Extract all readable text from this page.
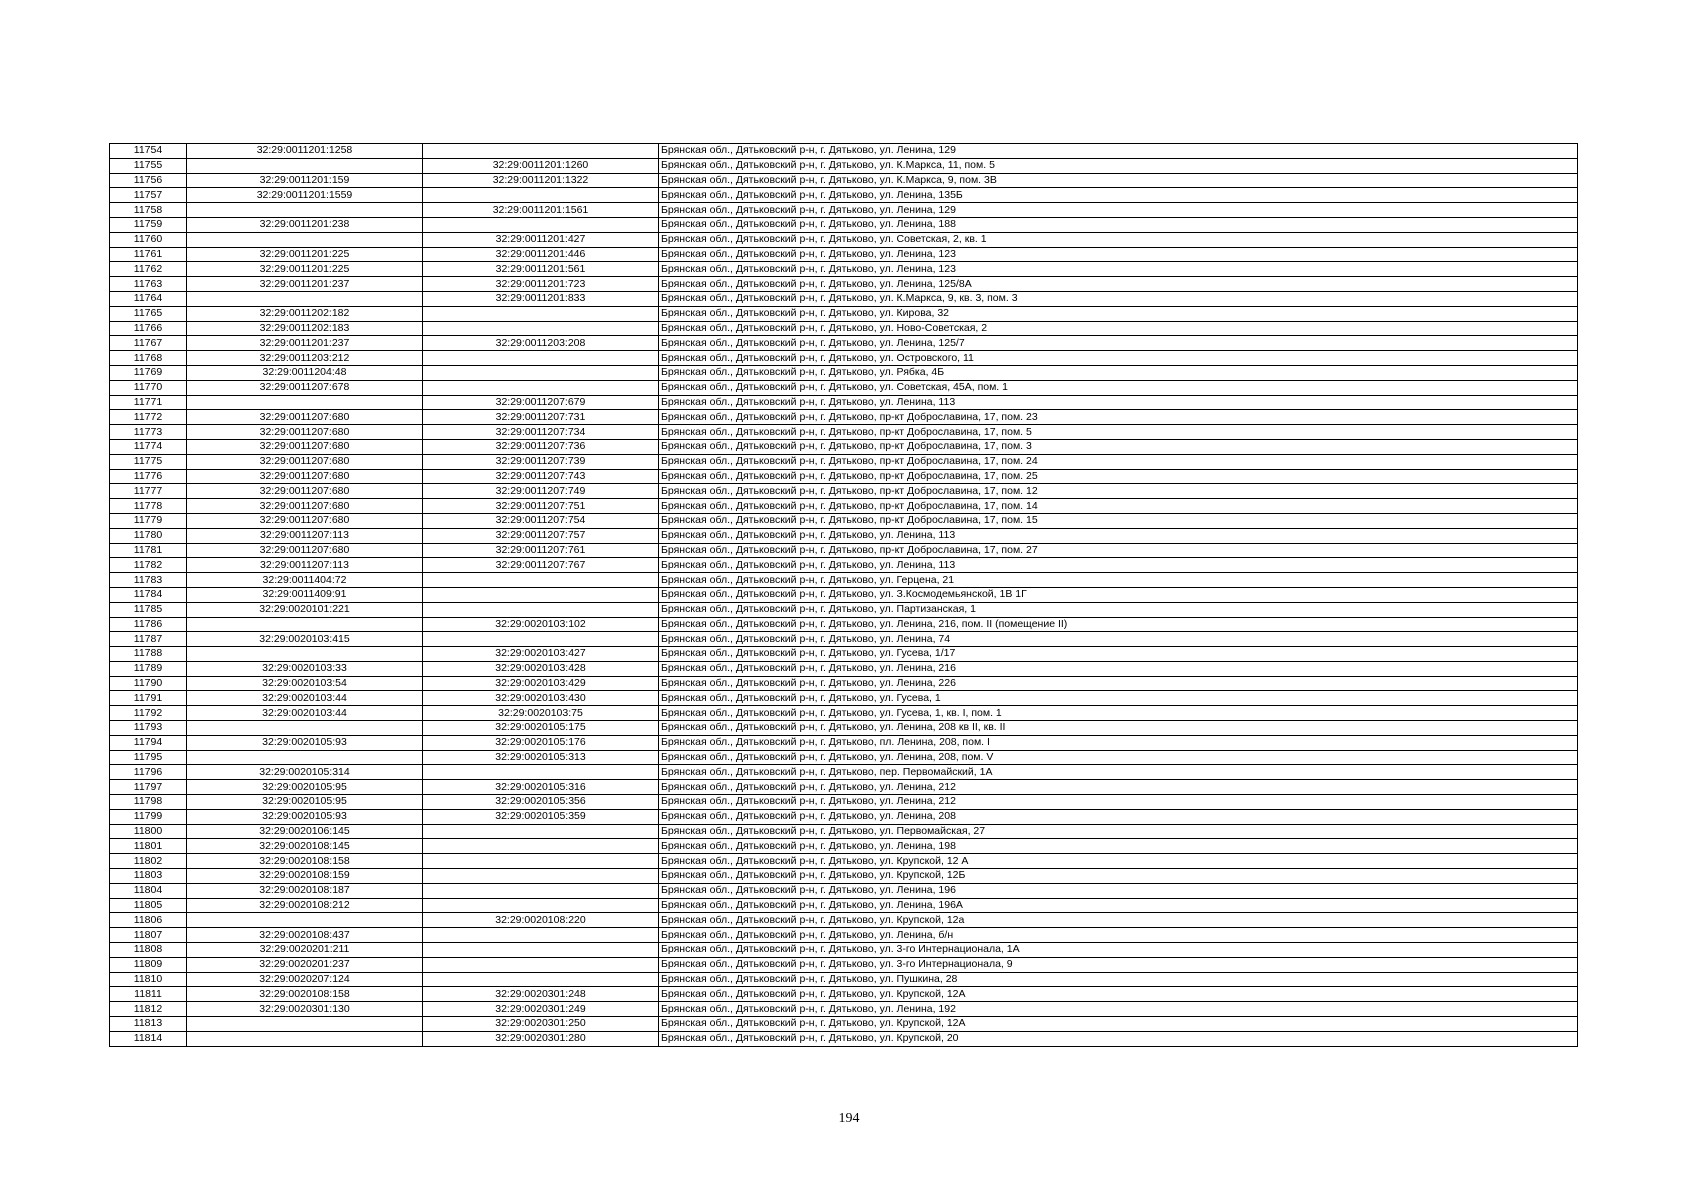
11754	32:29:0011201:1258		Брянская обл., Дятьковский р-н, г. Дятьково, ул. Ленина, 129
11755		32:29:0011201:1260	Брянская обл., Дятьковский р-н, г. Дятьково, ул. К.Маркса, 11, пом. 5
11756	32:29:0011201:159	32:29:0011201:1322	Брянская обл., Дятьковский р-н, г. Дятьково, ул. К.Маркса, 9, пом. 3В
11757	32:29:0011201:1559		Брянская обл., Дятьковский р-н, г. Дятьково, ул. Ленина, 135Б
11758		32:29:0011201:1561	Брянская обл., Дятьковский р-н, г. Дятьково, ул. Ленина, 129
11759	32:29:0011201:238		Брянская обл., Дятьковский р-н, г. Дятьково, ул. Ленина, 188
11760		32:29:0011201:427	Брянская обл., Дятьковский р-н, г. Дятьково, ул. Советская, 2, кв. 1
11761	32:29:0011201:225	32:29:0011201:446	Брянская обл., Дятьковский р-н, г. Дятьково, ул. Ленина, 123
11762	32:29:0011201:225	32:29:0011201:561	Брянская обл., Дятьковский р-н, г. Дятьково, ул. Ленина, 123
11763	32:29:0011201:237	32:29:0011201:723	Брянская обл., Дятьковский р-н, г. Дятьково, ул. Ленина, 125/8А
11764		32:29:0011201:833	Брянская обл., Дятьковский р-н, г. Дятьково, ул. К.Маркса, 9, кв. 3, пом. 3
11765	32:29:0011202:182		Брянская обл., Дятьковский р-н, г. Дятьково, ул. Кирова, 32
11766	32:29:0011202:183		Брянская обл., Дятьковский р-н, г. Дятьково, ул. Ново-Советская, 2
11767	32:29:0011201:237	32:29:0011203:208	Брянская обл., Дятьковский р-н, г. Дятьково, ул. Ленина, 125/7
11768	32:29:0011203:212		Брянская обл., Дятьковский р-н, г. Дятьково, ул. Островского, 11
11769	32:29:0011204:48		Брянская обл., Дятьковский р-н, г. Дятьково, ул. Рябка, 4Б
11770	32:29:0011207:678		Брянская обл., Дятьковский р-н, г. Дятьково, ул. Советская, 45А, пом. 1
11771		32:29:0011207:679	Брянская обл., Дятьковский р-н, г. Дятьково, ул. Ленина, 113
11772	32:29:0011207:680	32:29:0011207:731	Брянская обл., Дятьковский р-н, г. Дятьково, пр-кт Доброславина, 17, пом. 23
11773	32:29:0011207:680	32:29:0011207:734	Брянская обл., Дятьковский р-н, г. Дятьково, пр-кт Доброславина, 17, пом. 5
11774	32:29:0011207:680	32:29:0011207:736	Брянская обл., Дятьковский р-н, г. Дятьково, пр-кт Доброславина, 17, пом. 3
11775	32:29:0011207:680	32:29:0011207:739	Брянская обл., Дятьковский р-н, г. Дятьково, пр-кт Доброславина, 17, пом. 24
11776	32:29:0011207:680	32:29:0011207:743	Брянская обл., Дятьковский р-н, г. Дятьково, пр-кт Доброславина, 17, пом. 25
11777	32:29:0011207:680	32:29:0011207:749	Брянская обл., Дятьковский р-н, г. Дятьково, пр-кт Доброславина, 17, пом. 12
11778	32:29:0011207:680	32:29:0011207:751	Брянская обл., Дятьковский р-н, г. Дятьково, пр-кт Доброславина, 17, пом. 14
11779	32:29:0011207:680	32:29:0011207:754	Брянская обл., Дятьковский р-н, г. Дятьково, пр-кт Доброславина, 17, пом. 15
11780	32:29:0011207:113	32:29:0011207:757	Брянская обл., Дятьковский р-н, г. Дятьково, ул. Ленина, 113
11781	32:29:0011207:680	32:29:0011207:761	Брянская обл., Дятьковский р-н, г. Дятьково, пр-кт Доброславина, 17, пом. 27
11782	32:29:0011207:113	32:29:0011207:767	Брянская обл., Дятьковский р-н, г. Дятьково, ул. Ленина, 113
11783	32:29:0011404:72		Брянская обл., Дятьковский р-н, г. Дятьково, ул. Герцена, 21
11784	32:29:0011409:91		Брянская обл., Дятьковский р-н, г. Дятьково, ул. З.Космодемьянской, 1В 1Г
11785	32:29:0020101:221		Брянская обл., Дятьковский р-н, г. Дятьково, ул. Партизанская, 1
11786		32:29:0020103:102	Брянская обл., Дятьковский р-н, г. Дятьково, ул. Ленина, 216, пом. II (помещение II)
11787	32:29:0020103:415		Брянская обл., Дятьковский р-н, г. Дятьково, ул. Ленина, 74
11788		32:29:0020103:427	Брянская обл., Дятьковский р-н, г. Дятьково, ул. Гусева, 1/17
11789	32:29:0020103:33	32:29:0020103:428	Брянская обл., Дятьковский р-н, г. Дятьково, ул. Ленина, 216
11790	32:29:0020103:54	32:29:0020103:429	Брянская обл., Дятьковский р-н, г. Дятьково, ул. Ленина, 226
11791	32:29:0020103:44	32:29:0020103:430	Брянская обл., Дятьковский р-н, г. Дятьково, ул. Гусева, 1
11792	32:29:0020103:44	32:29:0020103:75	Брянская обл., Дятьковский р-н, г. Дятьково, ул. Гусева, 1, кв. I, пом. 1
11793		32:29:0020105:175	Брянская обл., Дятьковский р-н, г. Дятьково, ул. Ленина, 208 кв II, кв. II
11794	32:29:0020105:93	32:29:0020105:176	Брянская обл., Дятьковский р-н, г. Дятьково, пл. Ленина, 208, пом. I
11795		32:29:0020105:313	Брянская обл., Дятьковский р-н, г. Дятьково, ул. Ленина, 208, пом. V
11796	32:29:0020105:314		Брянская обл., Дятьковский р-н, г. Дятьково, пер. Первомайский, 1А
11797	32:29:0020105:95	32:29:0020105:316	Брянская обл., Дятьковский р-н, г. Дятьково, ул. Ленина, 212
11798	32:29:0020105:95	32:29:0020105:356	Брянская обл., Дятьковский р-н, г. Дятьково, ул. Ленина, 212
11799	32:29:0020105:93	32:29:0020105:359	Брянская обл., Дятьковский р-н, г. Дятьково, ул. Ленина, 208
11800	32:29:0020106:145		Брянская обл., Дятьковский р-н, г. Дятьково, ул. Первомайская, 27
11801	32:29:0020108:145		Брянская обл., Дятьковский р-н, г. Дятьково, ул. Ленина, 198
11802	32:29:0020108:158		Брянская обл., Дятьковский р-н, г. Дятьково, ул. Крупской, 12 А
11803	32:29:0020108:159		Брянская обл., Дятьковский р-н, г. Дятьково, ул. Крупской, 12Б
11804	32:29:0020108:187		Брянская обл., Дятьковский р-н, г. Дятьково, ул. Ленина, 196
11805	32:29:0020108:212		Брянская обл., Дятьковский р-н, г. Дятьково, ул. Ленина, 196А
11806		32:29:0020108:220	Брянская обл., Дятьковский р-н, г. Дятьково, ул. Крупской, 12а
11807	32:29:0020108:437		Брянская обл., Дятьковский р-н, г. Дятьково, ул. Ленина, б/н
11808	32:29:0020201:211		Брянская обл., Дятьковский р-н, г. Дятьково, ул. 3-го Интернационала, 1А
11809	32:29:0020201:237		Брянская обл., Дятьковский р-н, г. Дятьково, ул. 3-го Интернационала, 9
11810	32:29:0020207:124		Брянская обл., Дятьковский р-н, г. Дятьково, ул. Пушкина, 28
11811	32:29:0020108:158	32:29:0020301:248	Брянская обл., Дятьковский р-н, г. Дятьково, ул. Крупской, 12А
11812	32:29:0020301:130	32:29:0020301:249	Брянская обл., Дятьковский р-н, г. Дятьково, ул. Ленина, 192
11813		32:29:0020301:250	Брянская обл., Дятьковский р-н, г. Дятьково, ул. Крупской, 12А
11814		32:29:0020301:280	Брянская обл., Дятьковский р-н, г. Дятьково, ул. Крупской, 20
194
